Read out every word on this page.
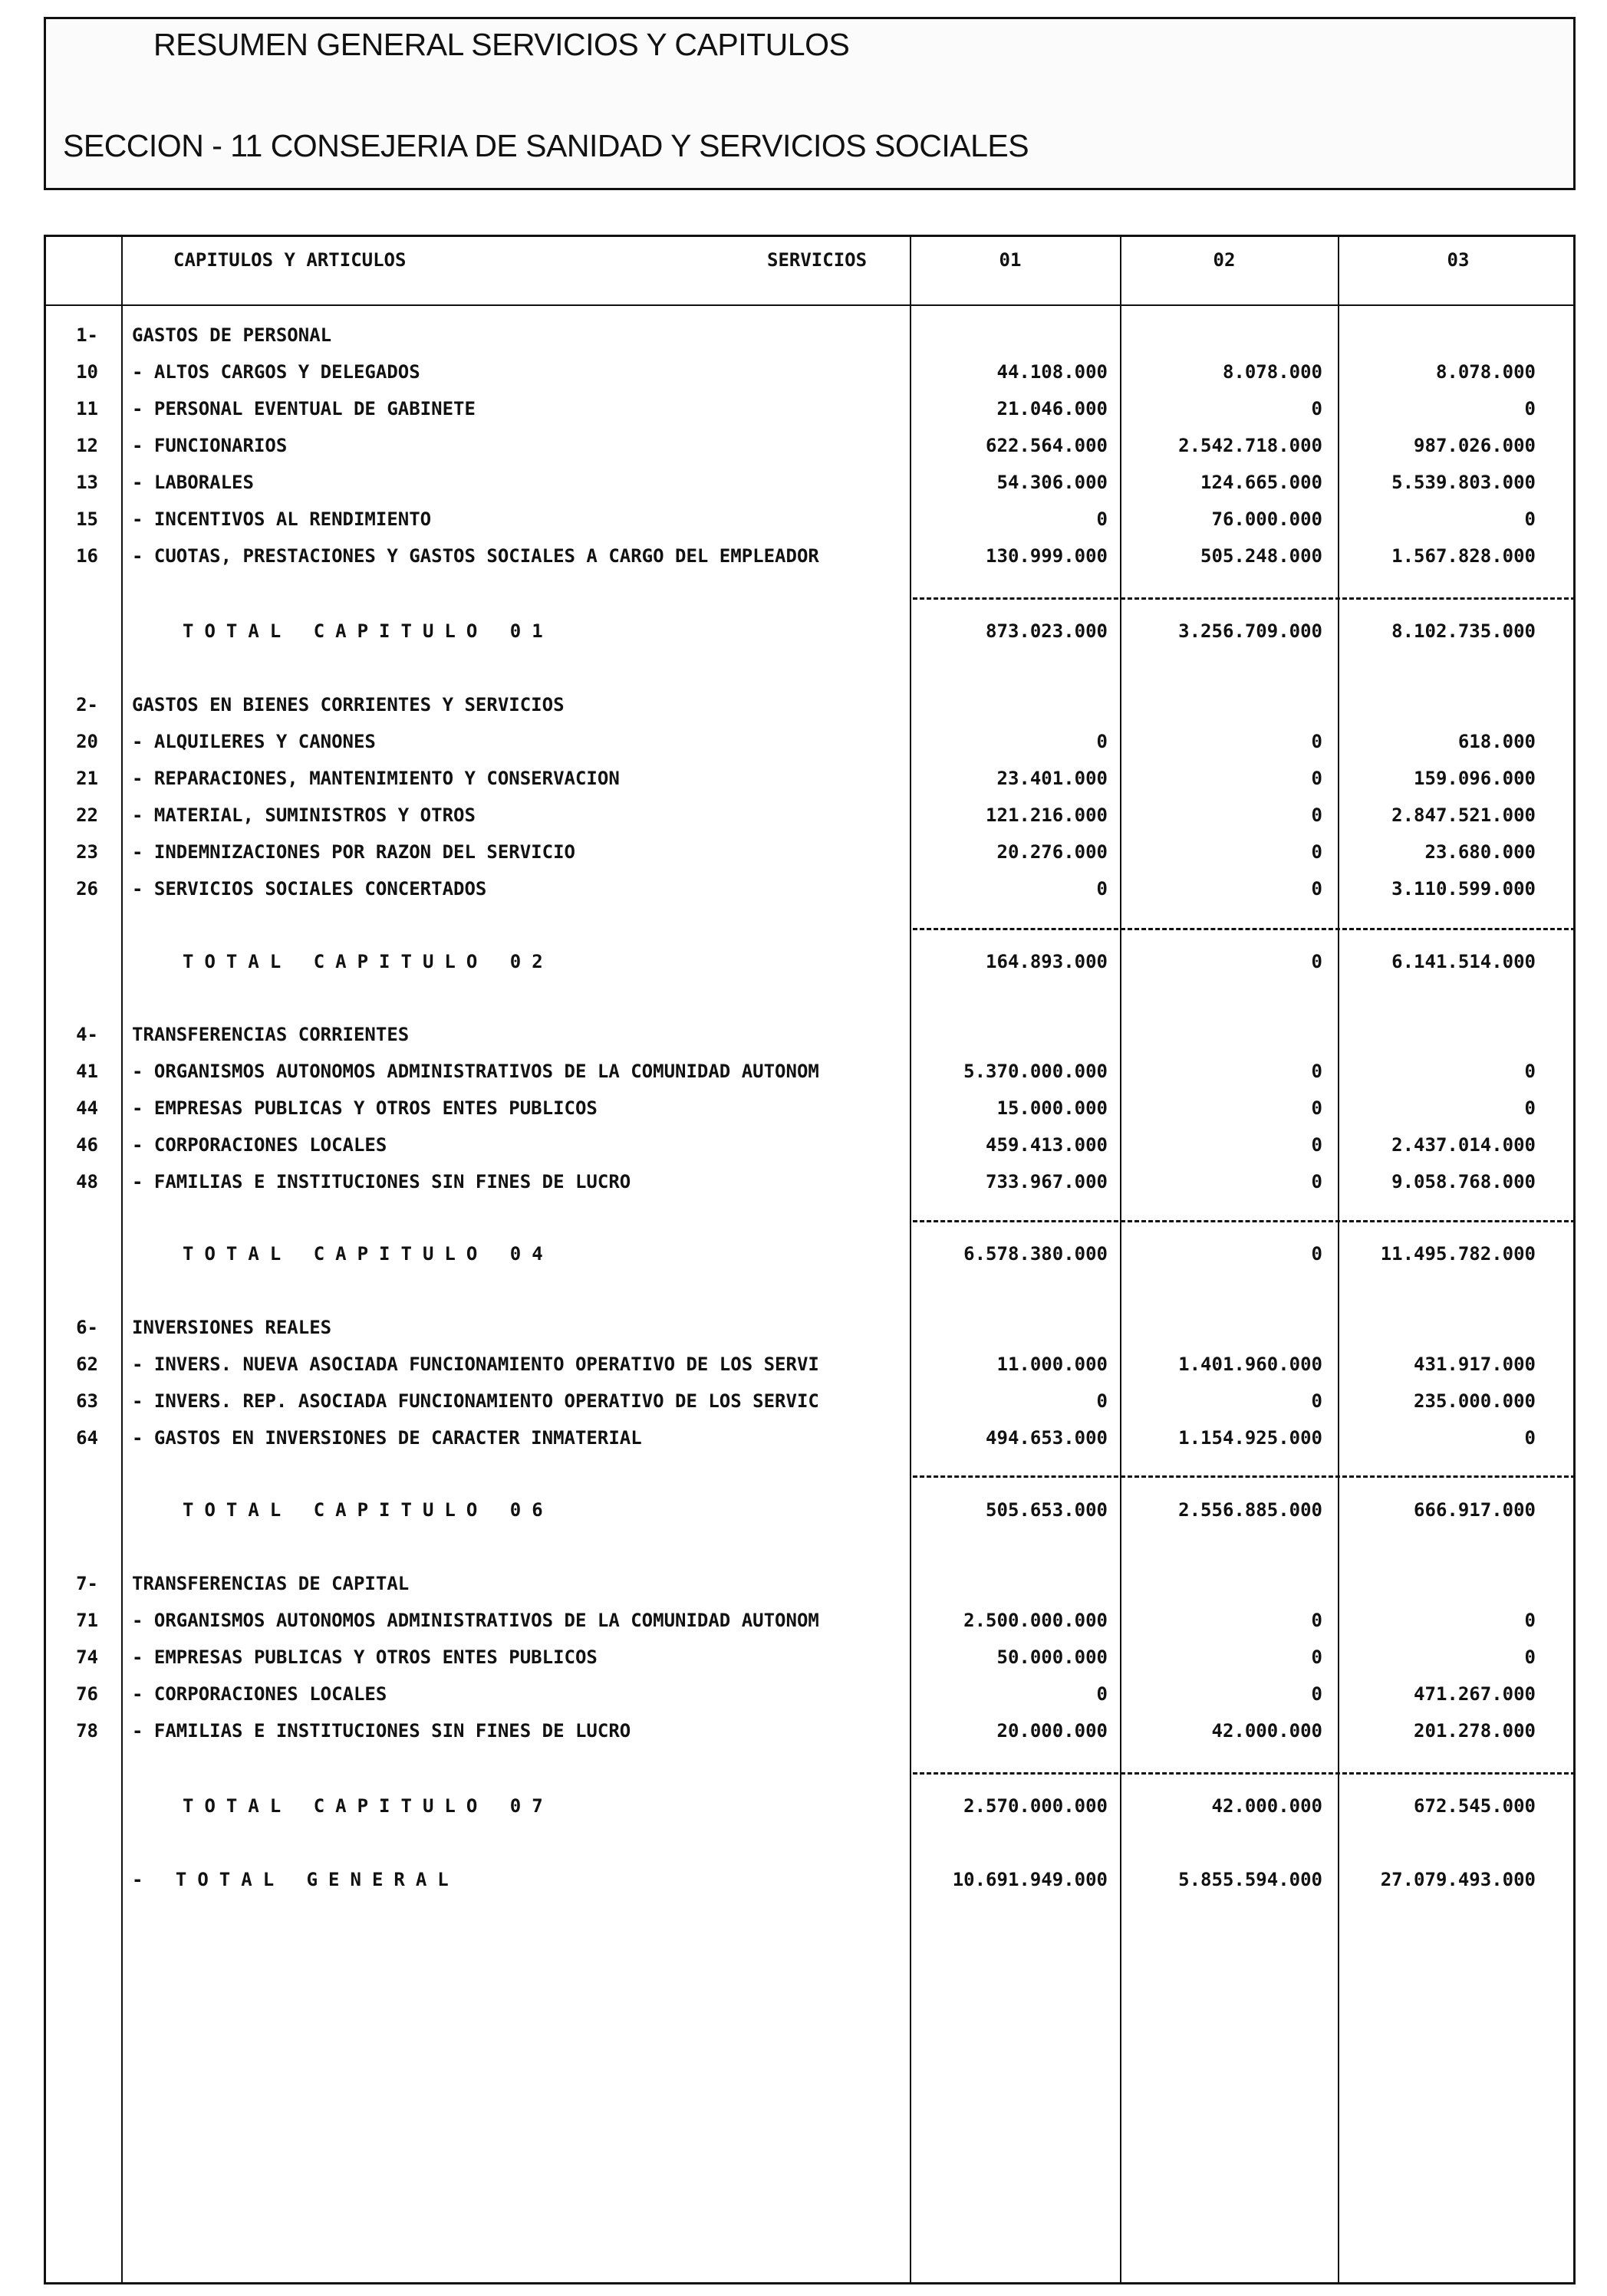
RESUMEN GENERAL SERVICIOS Y CAPITULOS
SECCION - 11 CONSEJERIA DE SANIDAD Y SERVICIOS SOCIALES
CAPITULOS Y ARTICULOS	SERVICIOS	01	02	03
1- GASTOS DE PERSONAL
10 - ALTOS CARGOS Y DELEGADOS	44.108.000	8.078.000	8.078.000
11 - PERSONAL EVENTUAL DE GABINETE	21.046.000	0	0
12 - FUNCIONARIOS	622.564.000	2.542.718.000	987.026.000
13 - LABORALES	54.306.000	124.665.000	5.539.803.000
15 - INCENTIVOS AL RENDIMIENTO	0	76.000.000	0
16 - CUOTAS, PRESTACIONES Y GASTOS SOCIALES A CARGO DEL EMPLEADOR	130.999.000	505.248.000	1.567.828.000
TOTAL CAPITULO 01	873.023.000	3.256.709.000	8.102.735.000
2- GASTOS EN BIENES CORRIENTES Y SERVICIOS
20 - ALQUILERES Y CANONES	0	0	618.000
21 - REPARACIONES, MANTENIMIENTO Y CONSERVACION	23.401.000	0	159.096.000
22 - MATERIAL, SUMINISTROS Y OTROS	121.216.000	0	2.847.521.000
23 - INDEMNIZACIONES POR RAZON DEL SERVICIO	20.276.000	0	23.680.000
26 - SERVICIOS SOCIALES CONCERTADOS	0	0	3.110.599.000
TOTAL CAPITULO 02	164.893.000	0	6.141.514.000
4- TRANSFERENCIAS CORRIENTES
41 - ORGANISMOS AUTONOMOS ADMINISTRATIVOS DE LA COMUNIDAD AUTONOM	5.370.000.000	0	0
44 - EMPRESAS PUBLICAS Y OTROS ENTES PUBLICOS	15.000.000	0	0
46 - CORPORACIONES LOCALES	459.413.000	0	2.437.014.000
48 - FAMILIAS E INSTITUCIONES SIN FINES DE LUCRO	733.967.000	0	9.058.768.000
TOTAL CAPITULO 04	6.578.380.000	0	11.495.782.000
6- INVERSIONES REALES
62 - INVERS. NUEVA ASOCIADA FUNCIONAMIENTO OPERATIVO DE LOS SERVI	11.000.000	1.401.960.000	431.917.000
63 - INVERS. REP. ASOCIADA FUNCIONAMIENTO OPERATIVO DE LOS SERVIC	0	0	235.000.000
64 - GASTOS EN INVERSIONES DE CARACTER INMATERIAL	494.653.000	1.154.925.000	0
TOTAL CAPITULO 06	505.653.000	2.556.885.000	666.917.000
7- TRANSFERENCIAS DE CAPITAL
71 - ORGANISMOS AUTONOMOS ADMINISTRATIVOS DE LA COMUNIDAD AUTONOM	2.500.000.000	0	0
74 - EMPRESAS PUBLICAS Y OTROS ENTES PUBLICOS	50.000.000	0	0
76 - CORPORACIONES LOCALES	0	0	471.267.000
78 - FAMILIAS E INSTITUCIONES SIN FINES DE LUCRO	20.000.000	42.000.000	201.278.000
TOTAL CAPITULO 07	2.570.000.000	42.000.000	672.545.000
- TOTAL GENERAL	10.691.949.000	5.855.594.000	27.079.493.000
